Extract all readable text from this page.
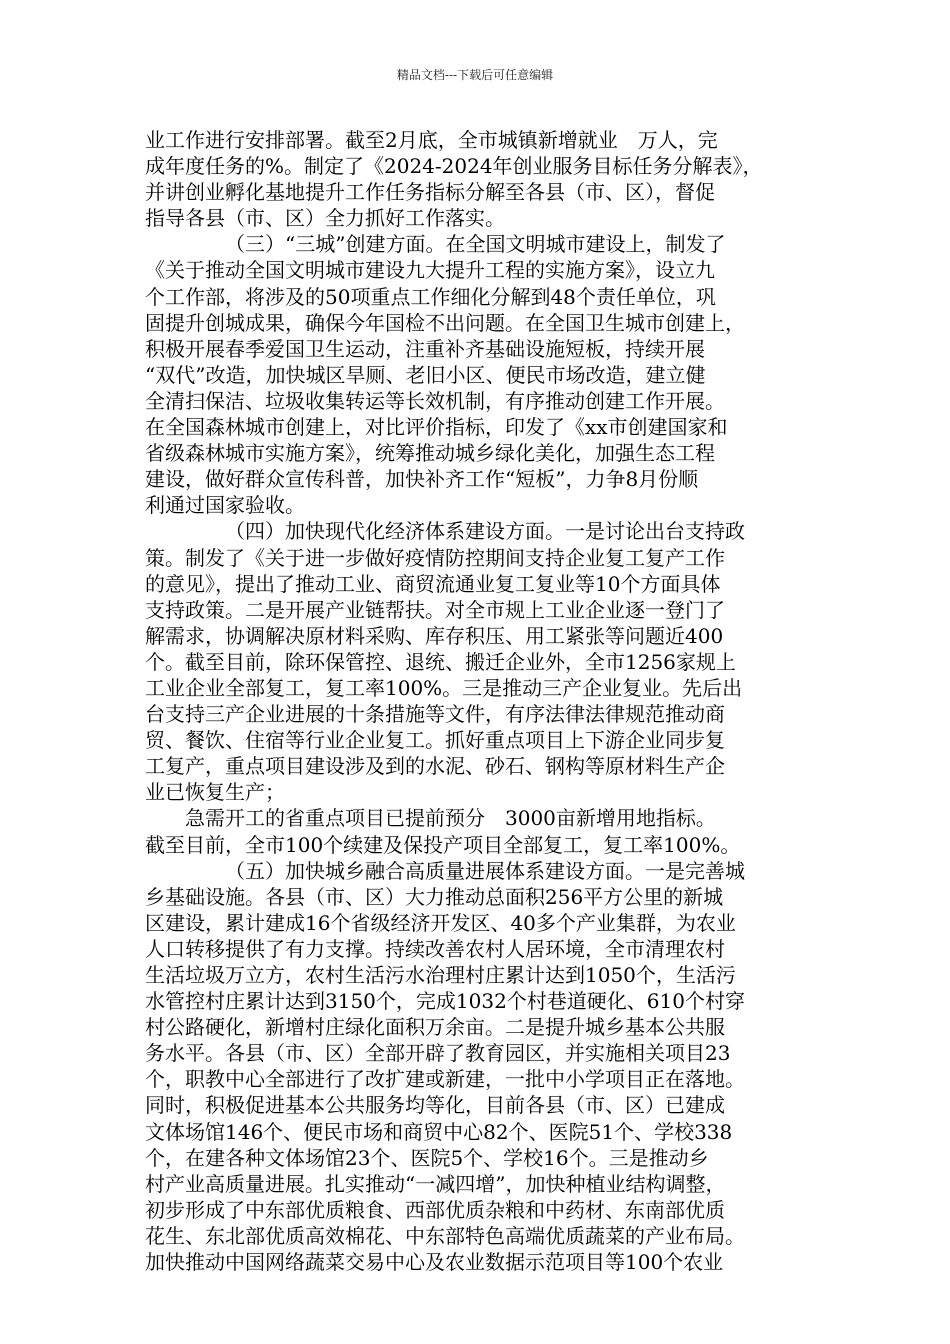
精品文档---下载后可任意编辑
业工作进行安排部署。截至2月底，全市城镇新增就业　万人，完
成年度任务的%。制定了《2024-2024年创业服务目标任务分解表》，
并讲创业孵化基地提升工作任务指标分解至各县（市、区），督促
指导各县（市、区）全力抓好工作落实。
（三）“三城”创建方面。在全国文明城市建设上，制发了
《关于推动全国文明城市建设九大提升工程的实施方案》，设立九
个工作部，将涉及的50项重点工作细化分解到48个责任单位，巩
固提升创城成果，确保今年国检不出问题。在全国卫生城市创建上，
积极开展春季爱国卫生运动，注重补齐基础设施短板，持续开展
“双代”改造，加快城区旱厕、老旧小区、便民市场改造，建立健
全清扫保洁、垃圾收集转运等长效机制，有序推动创建工作开展。
在全国森林城市创建上，对比评价指标，印发了《xx市创建国家和
省级森林城市实施方案》，统筹推动城乡绿化美化，加强生态工程
建设，做好群众宣传科普，加快补齐工作“短板”，力争8月份顺
利通过国家验收。
（四）加快现代化经济体系建设方面。一是讨论出台支持政
策。制发了《关于进一步做好疫情防控期间支持企业复工复产工作
的意见》，提出了推动工业、商贸流通业复工复业等10个方面具体
支持政策。二是开展产业链帮扶。对全市规上工业企业逐一登门了
解需求，协调解决原材料采购、库存积压、用工紧张等问题近400
个。截至目前，除环保管控、退统、搬迁企业外，全市1256家规上
工业企业全部复工，复工率100%。三是推动三产企业复业。先后出
台支持三产企业进展的十条措施等文件，有序法律法律规范推动商
贸、餐饮、住宿等行业企业复工。抓好重点项目上下游企业同步复
工复产，重点项目建设涉及到的水泥、砂石、钢构等原材料生产企
业已恢复生产；
急需开工的省重点项目已提前预分　3000亩新增用地指标。
截至目前，全市100个续建及保投产项目全部复工，复工率100%。
（五）加快城乡融合高质量进展体系建设方面。一是完善城
乡基础设施。各县（市、区）大力推动总面积256平方公里的新城
区建设，累计建成16个省级经济开发区、40多个产业集群，为农业
人口转移提供了有力支撑。持续改善农村人居环境，全市清理农村
生活垃圾万立方，农村生活污水治理村庄累计达到1050个，生活污
水管控村庄累计达到3150个，完成1032个村巷道硬化、610个村穿
村公路硬化，新增村庄绿化面积万余亩。二是提升城乡基本公共服
务水平。各县（市、区）全部开辟了教育园区，并实施相关项目23
个，职教中心全部进行了改扩建或新建，一批中小学项目正在落地。
同时，积极促进基本公共服务均等化，目前各县（市、区）已建成
文体场馆146个、便民市场和商贸中心82个、医院51个、学校338
个，在建各种文体场馆23个、医院5个、学校16个。三是推动乡
村产业高质量进展。扎实推动“一减四增”，加快种植业结构调整，
初步形成了中东部优质粮食、西部优质杂粮和中药材、东南部优质
花生、东北部优质高效棉花、中东部特色高端优质蔬菜的产业布局。
加快推动中国网络蔬菜交易中心及农业数据示范项目等100个农业
